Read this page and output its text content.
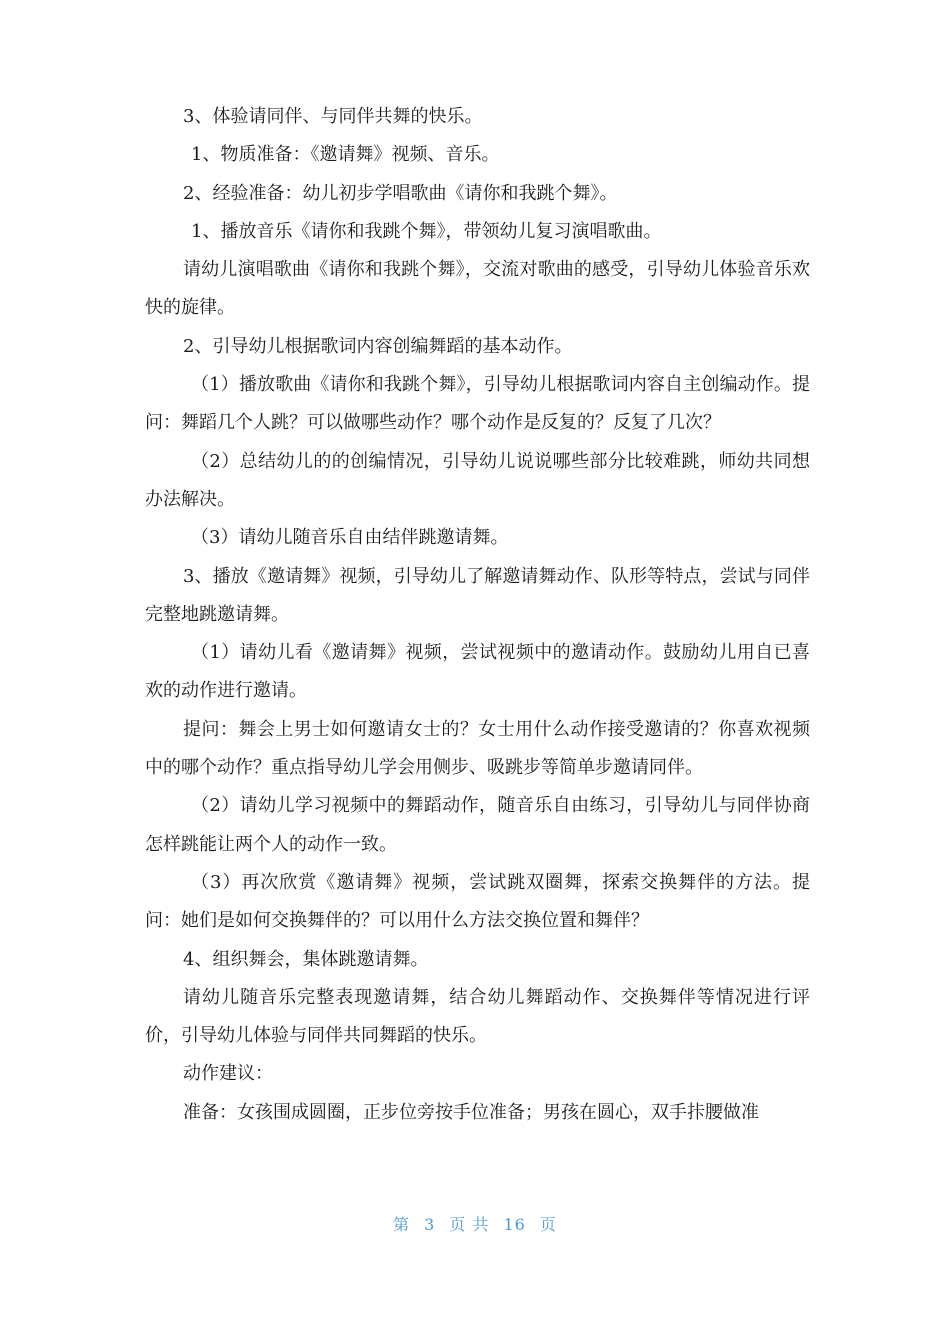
3、体验请同伴、与同伴共舞的快乐。

1、物质准备：《邀请舞》视频、音乐。

2、经验准备：幼儿初步学唱歌曲《请你和我跳个舞》。

1、播放音乐《请你和我跳个舞》，带领幼儿复习演唱歌曲。

请幼儿演唱歌曲《请你和我跳个舞》，交流对歌曲的感受，引导幼儿体验音乐欢快的旋律。

2、引导幼儿根据歌词内容创编舞蹈的基本动作。

（1）播放歌曲《请你和我跳个舞》，引导幼儿根据歌词内容自主创编动作。提问：舞蹈几个人跳？可以做哪些动作？哪个动作是反复的？反复了几次？

（2）总结幼儿的的创编情况，引导幼儿说说哪些部分比较难跳，师幼共同想办法解决。

（3）请幼儿随音乐自由结伴跳邀请舞。

3、播放《邀请舞》视频，引导幼儿了解邀请舞动作、队形等特点，尝试与同伴完整地跳邀请舞。

（1）请幼儿看《邀请舞》视频，尝试视频中的邀请动作。鼓励幼儿用自已喜欢的动作进行邀请。

提问：舞会上男士如何邀请女士的？女士用什么动作接受邀请的？你喜欢视频中的哪个动作？重点指导幼儿学会用侧步、吸跳步等简单步邀请同伴。

（2）请幼儿学习视频中的舞蹈动作，随音乐自由练习，引导幼儿与同伴协商怎样跳能让两个人的动作一致。

（3）再次欣赏《邀请舞》视频，尝试跳双圈舞，探索交换舞伴的方法。提问：她们是如何交换舞伴的？可以用什么方法交换位置和舞伴？

4、组织舞会，集体跳邀请舞。

请幼儿随音乐完整表现邀请舞，结合幼儿舞蹈动作、交换舞伴等情况进行评价，引导幼儿体验与同伴共同舞蹈的快乐。

动作建议：

准备：女孩围成圆圈，正步位旁按手位准备；男孩在圆心，双手拤腰做准

第 3 页 共 16 页
